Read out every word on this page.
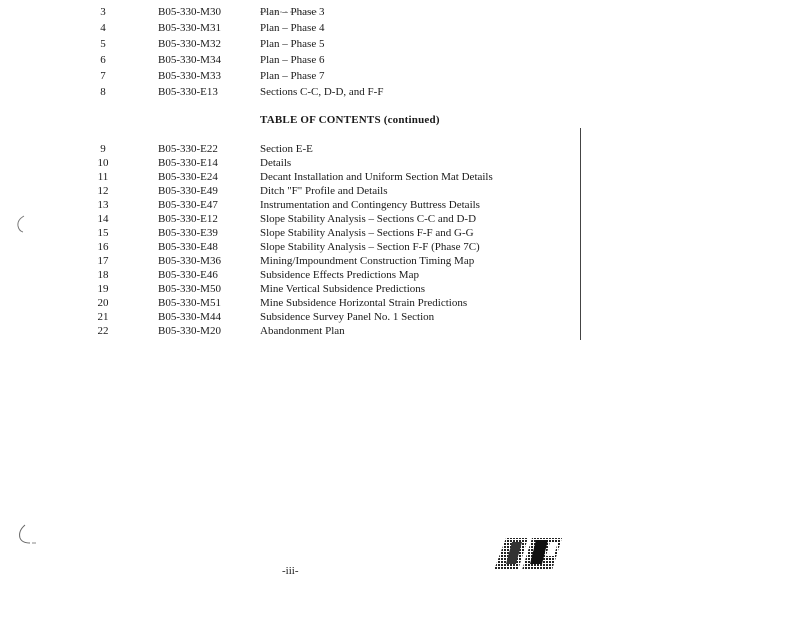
3	B05-330-M30	Plan – Phase 3
4	B05-330-M31	Plan – Phase 4
5	B05-330-M32	Plan – Phase 5
6	B05-330-M34	Plan – Phase 6
7	B05-330-M33	Plan – Phase 7
8	B05-330-E13	Sections C-C, D-D, and F-F
TABLE OF CONTENTS (continued)
9	B05-330-E22	Section E-E
10	B05-330-E14	Details
11	B05-330-E24	Decant Installation and Uniform Section Mat Details
12	B05-330-E49	Ditch "F" Profile and Details
13	B05-330-E47	Instrumentation and Contingency Buttress Details
14	B05-330-E12	Slope Stability Analysis – Sections C-C and D-D
15	B05-330-E39	Slope Stability Analysis – Sections F-F and G-G
16	B05-330-E48	Slope Stability Analysis – Section F-F (Phase 7C)
17	B05-330-M36	Mining/Impoundment Construction Timing Map
18	B05-330-E46	Subsidence Effects Predictions Map
19	B05-330-M50	Mine Vertical Subsidence Predictions
20	B05-330-M51	Mine Subsidence Horizontal Strain Predictions
21	B05-330-M44	Subsidence Survey Panel No. 1 Section
22	B05-330-M20	Abandonment Plan
-iii-
